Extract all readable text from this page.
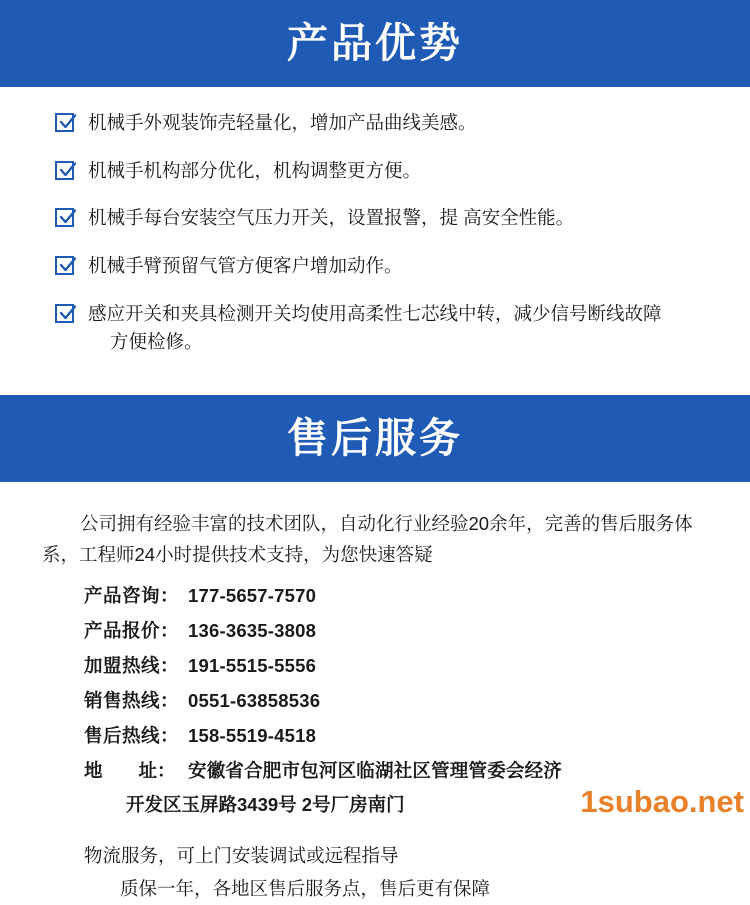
产品优势
机械手外观装饰壳轻量化，增加产品曲线美感。
机械手机构部分优化，机构调整更方便。
机械手每台安装空气压力开关，设置报警，提 高安全性能。
机械手臂预留气管方便客户增加动作。
感应开关和夹具检测开关均使用高柔性七芯线中转，减少信号断线故障
方便检修。
售后服务
公司拥有经验丰富的技术团队，自动化行业经验20余年，完善的售后服务体系，工程师24小时提供技术支持，为您快速答疑
产品咨询： 177-5657-7570
产品报价： 136-3635-3808
加盟热线： 191-5515-5556
销售热线： 0551-63858536
售后热线： 158-5519-4518
地 址： 安徽省合肥市包河区临湖社区管理管委会经济
开发区玉屏路3439号 2号厂房南门
物流服务，可上门安装调试或远程指导
质保一年，各地区售后服务点，售后更有保障
1subao.net
